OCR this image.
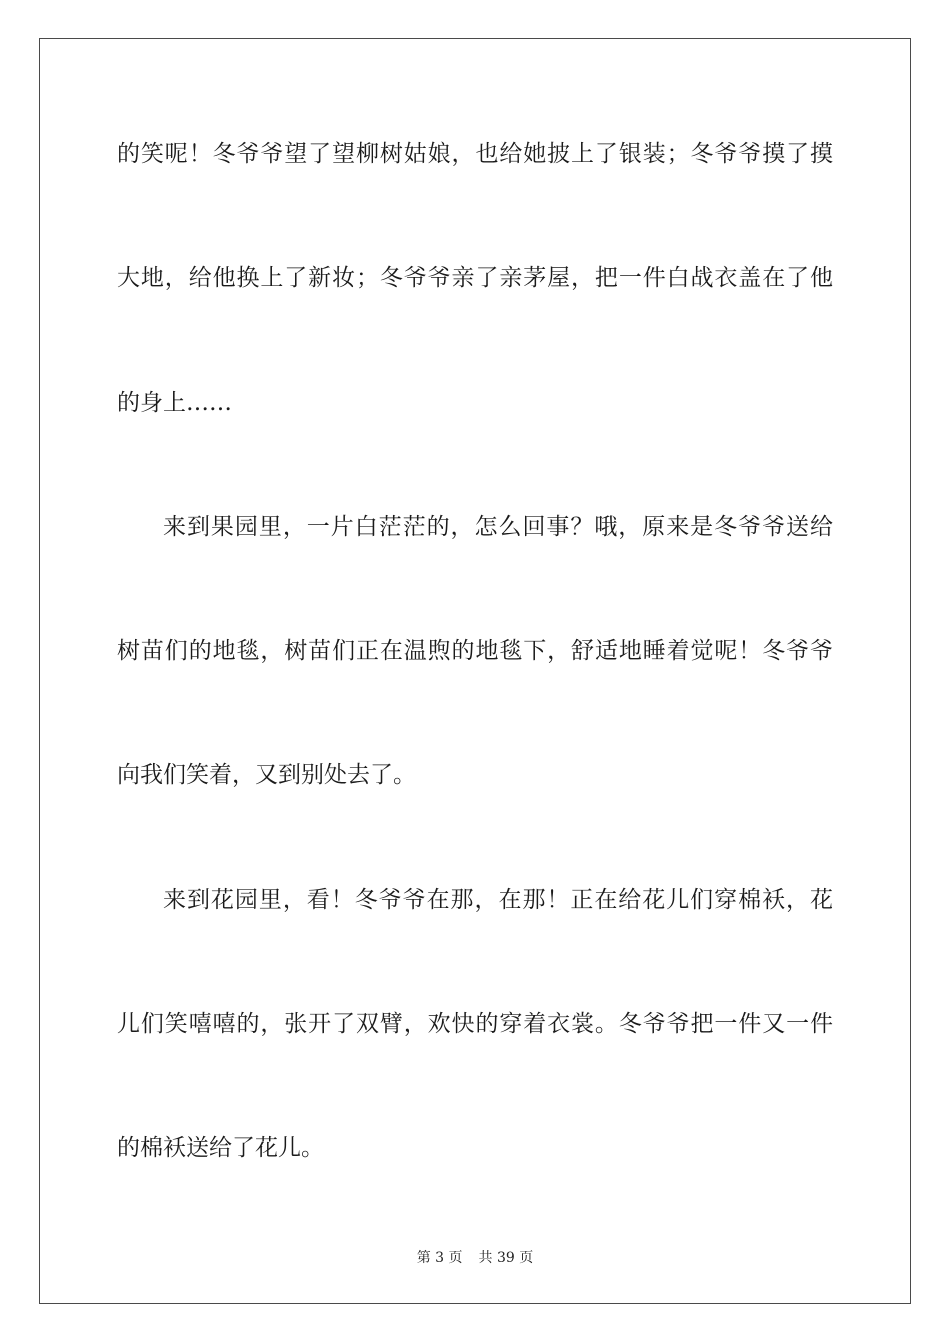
的笑呢！冬爷爷望了望柳树姑娘，也给她披上了银装；冬爷爷摸了摸

大地，给他换上了新妆；冬爷爷亲了亲茅屋，把一件白战衣盖在了他

的身上……

来到果园里，一片白茫茫的，怎么回事？哦，原来是冬爷爷送给

树苗们的地毯，树苗们正在温煦的地毯下，舒适地睡着觉呢！冬爷爷

向我们笑着，又到别处去了。

来到花园里，看！冬爷爷在那，在那！正在给花儿们穿棉袄，花

儿们笑嘻嘻的，张开了双臂，欢快的穿着衣裳。冬爷爷把一件又一件

的棉袄送给了花儿。

第 3 页 共 39 页
